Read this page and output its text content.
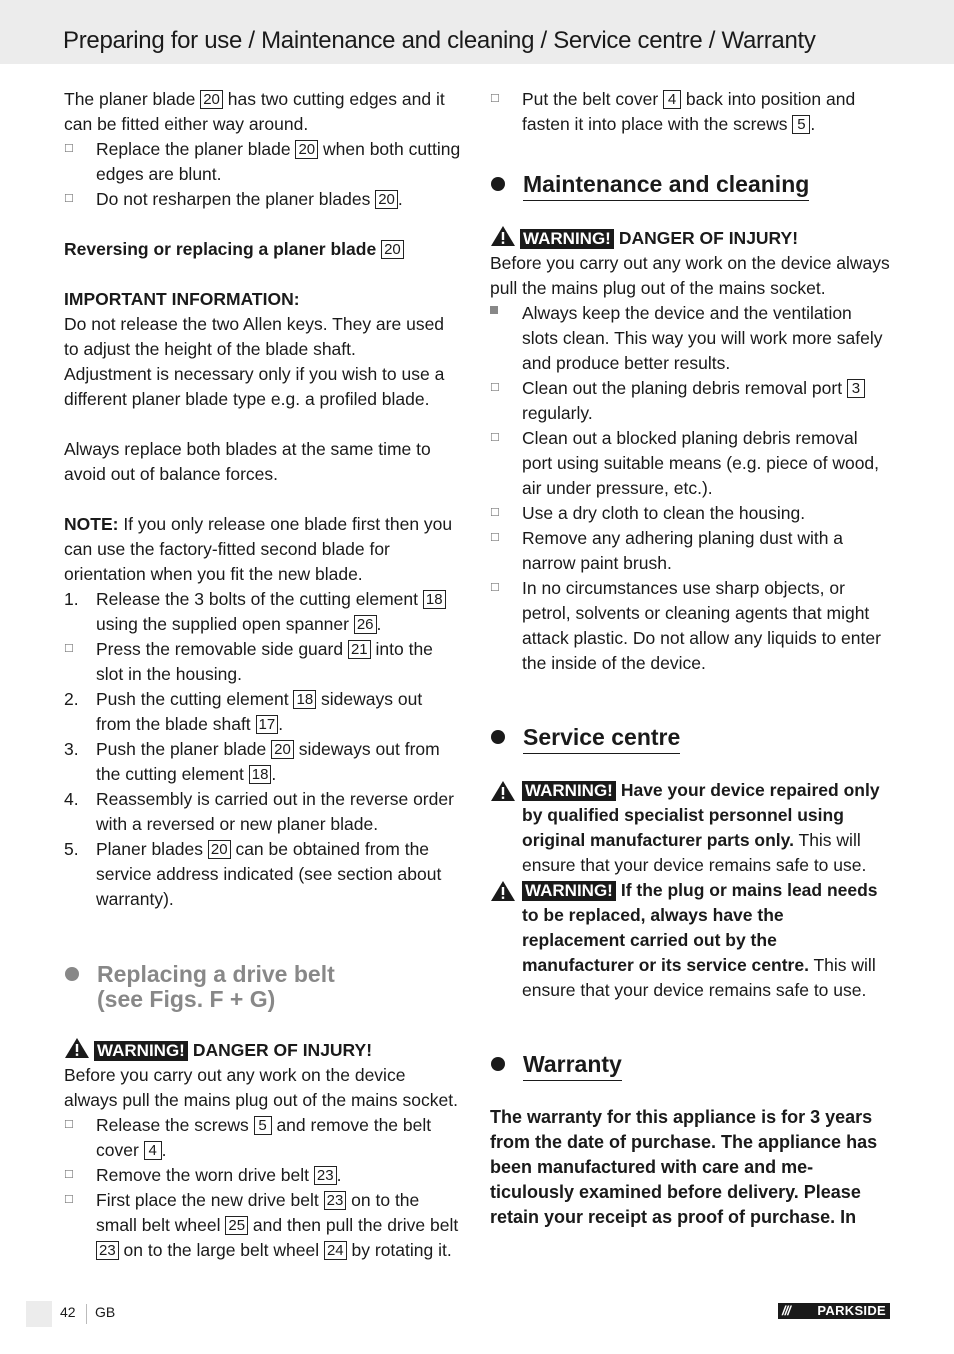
Preparing for use / Maintenance and cleaning / Service centre / Warranty

The planer blade 20 has two cutting edges and it can be fitted either way around.

☐	Replace the planer blade 20 when both cutting edges are blunt.
☐	Do not resharpen the planer blades 20 .

Reversing or replacing a planer blade 20

IMPORTANT INFORMATION:

Do not release the two Allen keys. They are used to adjust the height of the blade shaft.

Adjustment is necessary only if you wish to use a different planer blade type e.g. a profiled blade.

Always replace both blades at the same time to avoid out of balance forces.

NOTE: If you only release one blade first then you can use the factory-fitted second blade for orientation when you fit the new blade.

1. Release the 3 bolts of the cutting element 18 using the supplied open spanner 26 .
☐	Press the removable side guard 21 into the slot in the housing.
2. Push the cutting element 18 sideways out from the blade shaft 17 .
3. Push the planer blade 20 sideways out from the cutting element 18 .
4. Reassembly is carried out in the reverse order with a reversed or new planer blade.
5. Planer blades 20 can be obtained from the service address indicated (see section about warranty).
Replacing a drive belt
(see Figs. F + G)

WARNING! DANGER OF INJURY!

Before you carry out any work on the device always pull the mains plug out of the mains socket.

☐	Release the screws 5 and remove the belt cover 4 .
☐	Remove the worn drive belt 23 .
☐	First place the new drive belt 23 on to the small belt wheel 25 and then pull the drive belt 23 on to the large belt wheel 24 by rotating it.
☐	Put the belt cover 4 back into position and fasten it into place with the screws 5 .
Maintenance and cleaning

WARNING! DANGER OF INJURY!

Before you carry out any work on the device always pull the mains plug out of the mains socket.

Always keep the device and the ventilation slots clean. This way you will work more safely and produce better results.
☐	Clean out the planing debris removal port 3 regularly.
☐	Clean out a blocked planing debris removal port using suitable means (e.g. piece of wood, air under pressure, etc.).
☐	Use a dry cloth to clean the housing.
☐	Remove any adhering planing dust with a narrow paint brush.
☐	In no circumstances use sharp objects, or petrol, solvents or cleaning agents that might attack plastic. Do not allow any liquids to enter the inside of the device.
Service centre
WARNING! Have your device repaired only by qualified specialist personnel using original manufacturer parts only. This will ensure that your device remains safe to use.
WARNING! If the plug or mains lead needs to be replaced, always have the replacement carried out by the manufacturer or its service centre. This will ensure that your device remains safe to use.
Warranty

The warranty for this appliance is for 3 years from the date of purchase. The appliance has been manufactured with care and meticulously examined before delivery. Please retain your receipt as proof of purchase. In

42 GB	/// PARKSIDE
